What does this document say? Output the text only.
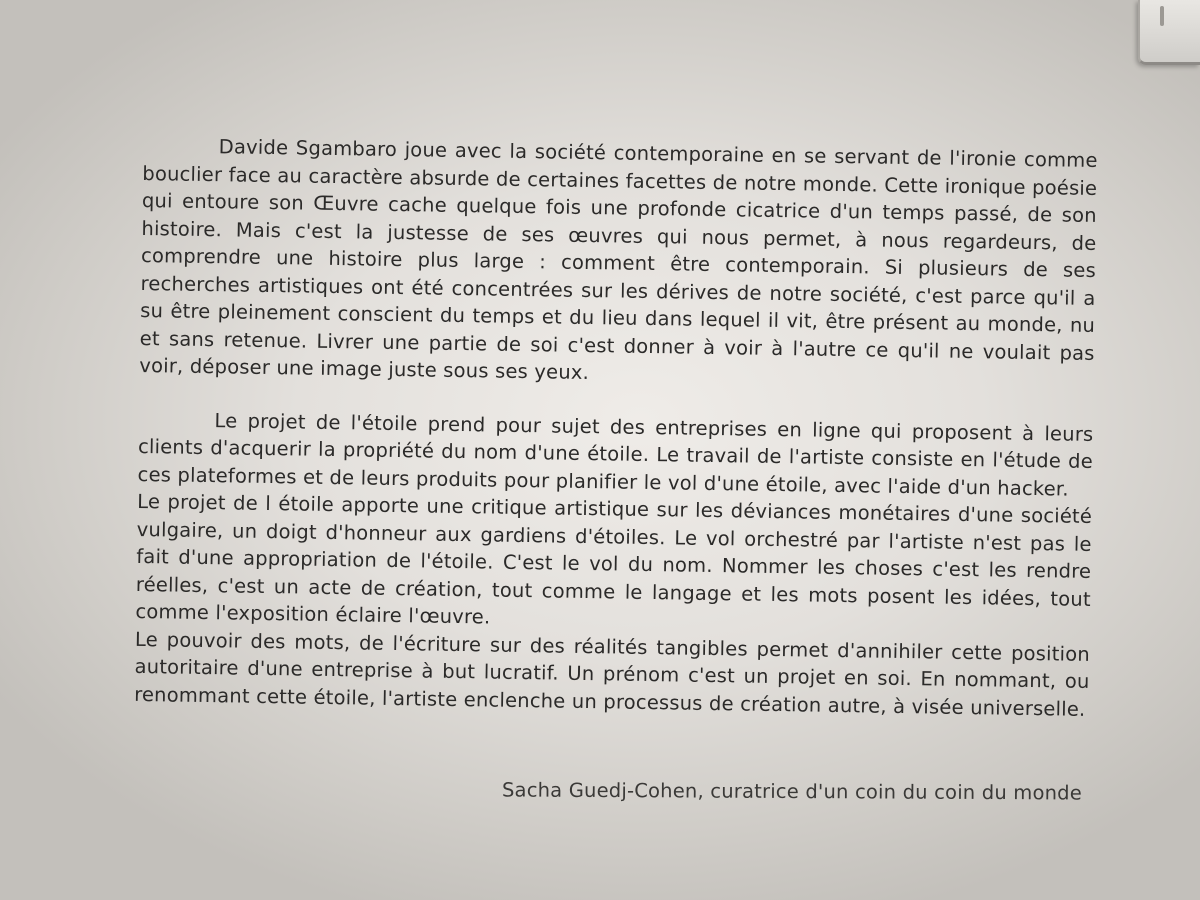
Davide Sgambaro joue avec la société contemporaine en se servant de l'ironie comme bouclier face au caractère absurde de certaines facettes de notre monde. Cette ironique poésie qui entoure son Œuvre cache quelque fois une profonde cicatrice d'un temps passé, de son histoire. Mais c'est la justesse de ses œuvres qui nous permet, à nous regardeurs, de comprendre une histoire plus large : comment être contemporain. Si plusieurs de ses recherches artistiques ont été concentrées sur les dérives de notre société, c'est parce qu'il a su être pleinement conscient du temps et du lieu dans lequel il vit, être présent au monde, nu et sans retenue. Livrer une partie de soi c'est donner à voir à l'autre ce qu'il ne voulait pas voir, déposer une image juste sous ses yeux.

Le projet de l'étoile prend pour sujet des entreprises en ligne qui proposent à leurs clients d'acquerir la propriété du nom d'une étoile. Le travail de l'artiste consiste en l'étude de ces plateformes et de leurs produits pour planifier le vol d'une étoile, avec l'aide d'un hacker.

Le projet de l étoile apporte une critique artistique sur les déviances monétaires d'une société vulgaire, un doigt d'honneur aux gardiens d'étoiles. Le vol orchestré par l'artiste n'est pas le fait d'une appropriation de l'étoile. C'est le vol du nom. Nommer les choses c'est les rendre réelles, c'est un acte de création, tout comme le langage et les mots posent les idées, tout comme l'exposition éclaire l'œuvre.

Le pouvoir des mots, de l'écriture sur des réalités tangibles permet d'annihiler cette position autoritaire d'une entreprise à but lucratif. Un prénom c'est un projet en soi. En nommant, ou renommant cette étoile, l'artiste enclenche un processus de création autre, à visée universelle.

Sacha Guedj-Cohen, curatrice d'un coin du coin du monde
